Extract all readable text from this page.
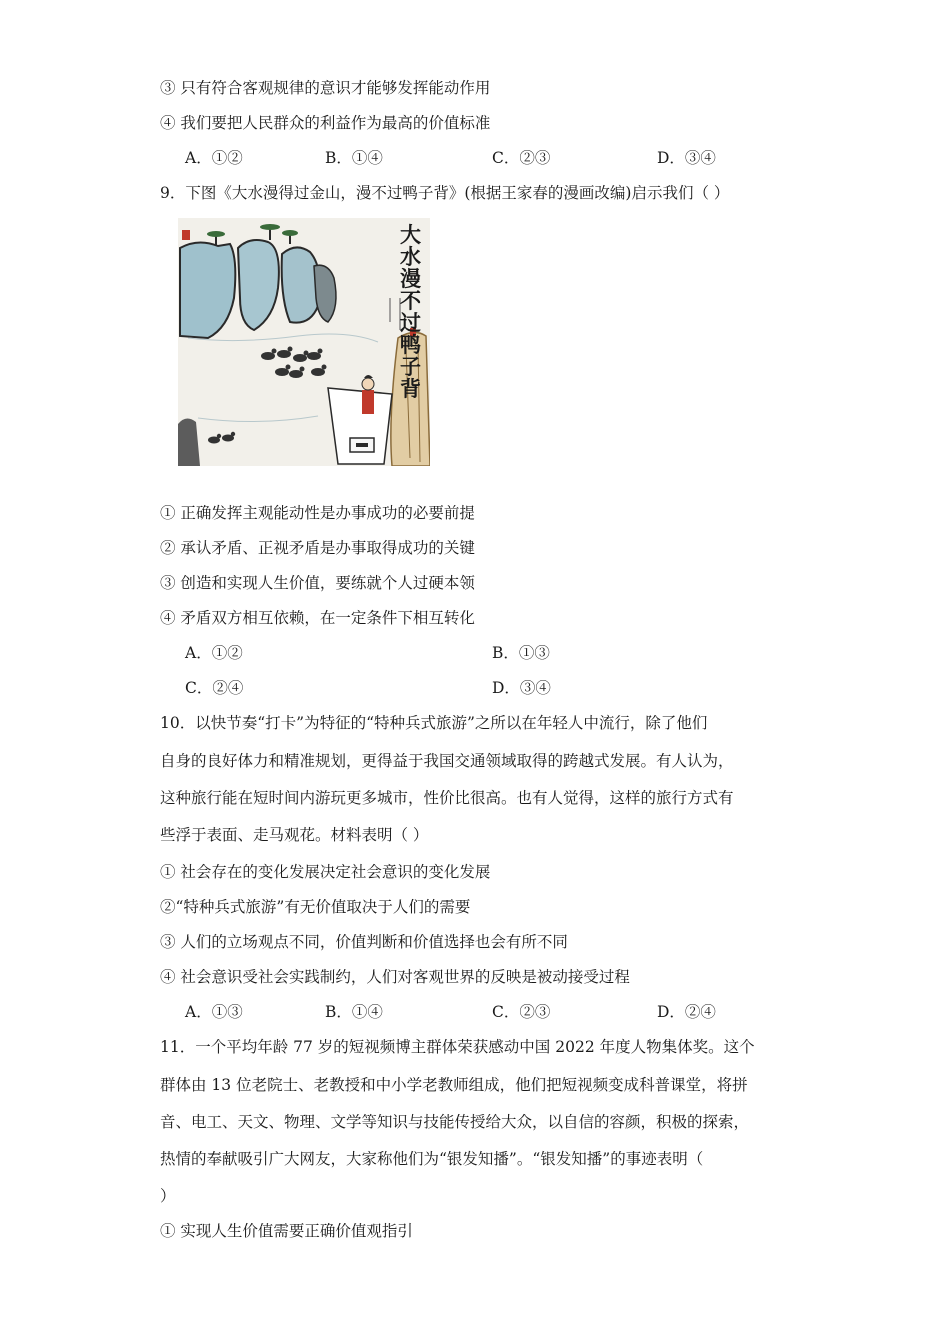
③ 只有符合客观规律的意识才能够发挥能动作用
④ 我们要把人民群众的利益作为最高的价值标准
A．①②	B．①④	C．②③	D．③④
9．下图《大水漫得过金山，漫不过鸭子背》(根据王家春的漫画改编)启示我们（ ）
大水漫不过鸭子背
① 正确发挥主观能动性是办事成功的必要前提
② 承认矛盾、正视矛盾是办事取得成功的关键
③ 创造和实现人生价值，要练就个人过硬本领
④ 矛盾双方相互依赖，在一定条件下相互转化
A．①②	B．①③
C．②④	D．③④
10．以快节奏“打卡”为特征的“特种兵式旅游”之所以在年轻人中流行，除了他们
自身的良好体力和精准规划，更得益于我国交通领域取得的跨越式发展。有人认为，
这种旅行能在短时间内游玩更多城市，性价比很高。也有人觉得，这样的旅行方式有
些浮于表面、走马观花。材料表明（ ）
① 社会存在的变化发展决定社会意识的变化发展
②“特种兵式旅游”有无价值取决于人们的需要
③ 人们的立场观点不同，价值判断和价值选择也会有所不同
④ 社会意识受社会实践制约，人们对客观世界的反映是被动接受过程
A．①③	B．①④	C．②③	D．②④
11．一个平均年龄 77 岁的短视频博主群体荣获感动中国 2022 年度人物集体奖。这个
群体由 13 位老院士、老教授和中小学老教师组成，他们把短视频变成科普课堂，将拼
音、电工、天文、物理、文学等知识与技能传授给大众，以自信的容颜，积极的探索，
热情的奉献吸引广大网友，大家称他们为“银发知播”。“银发知播”的事迹表明（
）
① 实现人生价值需要正确价值观指引
